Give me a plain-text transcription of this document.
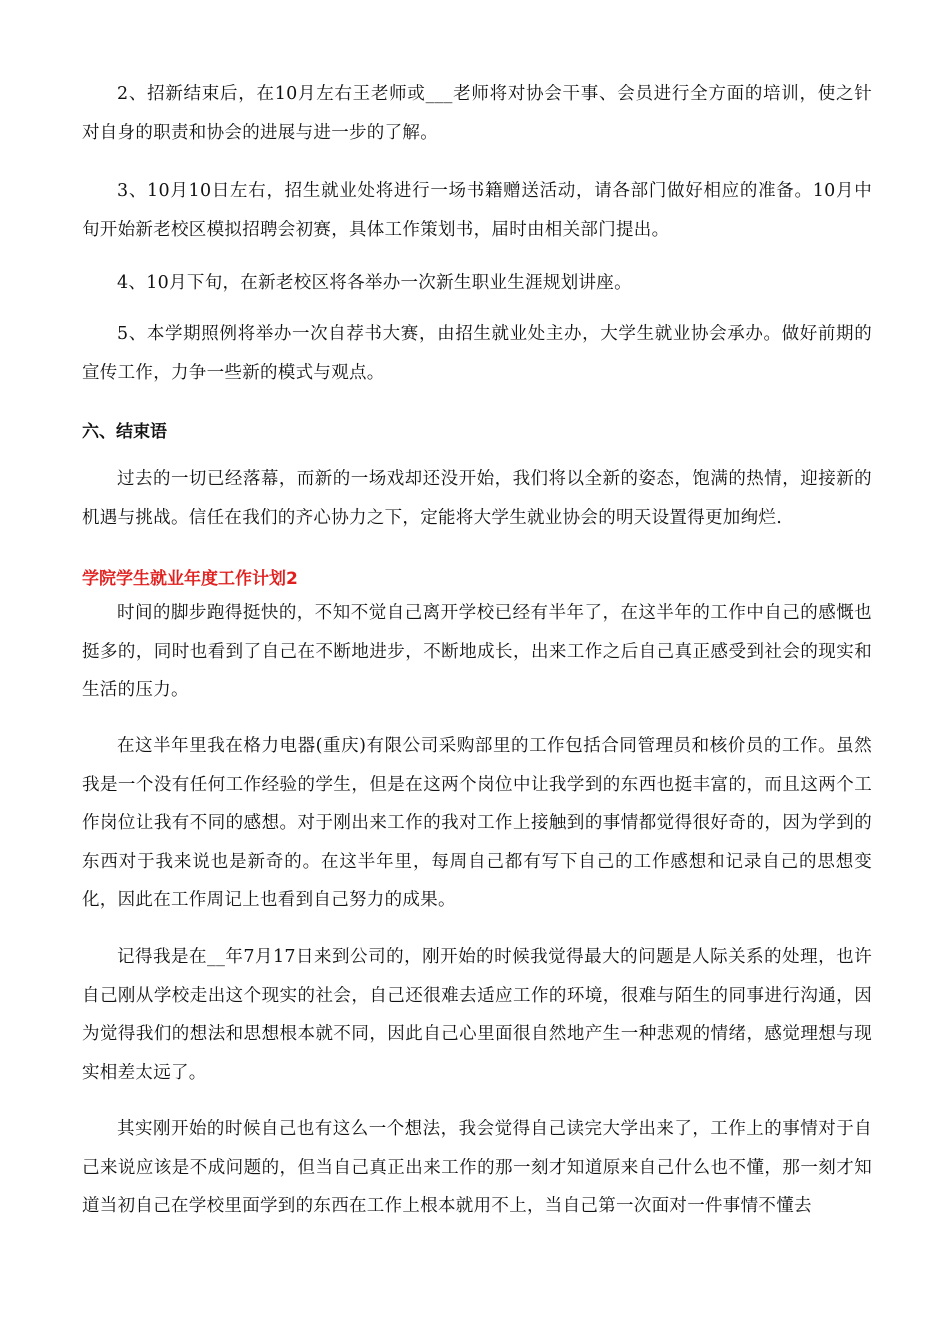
2、招新结束后，在10月左右王老师或___老师将对协会干事、会员进行全方面的培训，使之针对自身的职责和协会的进展与进一步的了解。

3、10月10日左右，招生就业处将进行一场书籍赠送活动，请各部门做好相应的准备。10月中旬开始新老校区模拟招聘会初赛，具体工作策划书，届时由相关部门提出。

4、10月下旬，在新老校区将各举办一次新生职业生涯规划讲座。

5、本学期照例将举办一次自荐书大赛，由招生就业处主办，大学生就业协会承办。做好前期的宣传工作，力争一些新的模式与观点。

六、结束语

过去的一切已经落幕，而新的一场戏却还没开始，我们将以全新的姿态，饱满的热情，迎接新的机遇与挑战。信任在我们的齐心协力之下，定能将大学生就业协会的明天设置得更加绚烂.

学院学生就业年度工作计划2

时间的脚步跑得挺快的，不知不觉自己离开学校已经有半年了，在这半年的工作中自己的感慨也挺多的，同时也看到了自己在不断地进步，不断地成长，出来工作之后自己真正感受到社会的现实和生活的压力。

在这半年里我在格力电器(重庆)有限公司采购部里的工作包括合同管理员和核价员的工作。虽然我是一个没有任何工作经验的学生，但是在这两个岗位中让我学到的东西也挺丰富的，而且这两个工作岗位让我有不同的感想。对于刚出来工作的我对工作上接触到的事情都觉得很好奇的，因为学到的东西对于我来说也是新奇的。在这半年里，每周自己都有写下自己的工作感想和记录自己的思想变化，因此在工作周记上也看到自己努力的成果。

记得我是在__年7月17日来到公司的，刚开始的时候我觉得最大的问题是人际关系的处理，也许自己刚从学校走出这个现实的社会，自己还很难去适应工作的环境，很难与陌生的同事进行沟通，因为觉得我们的想法和思想根本就不同，因此自己心里面很自然地产生一种悲观的情绪，感觉理想与现实相差太远了。

其实刚开始的时候自己也有这么一个想法，我会觉得自己读完大学出来了，工作上的事情对于自己来说应该是不成问题的，但当自己真正出来工作的那一刻才知道原来自己什么也不懂，那一刻才知道当初自己在学校里面学到的东西在工作上根本就用不上，当自己第一次面对一件事情不懂去
